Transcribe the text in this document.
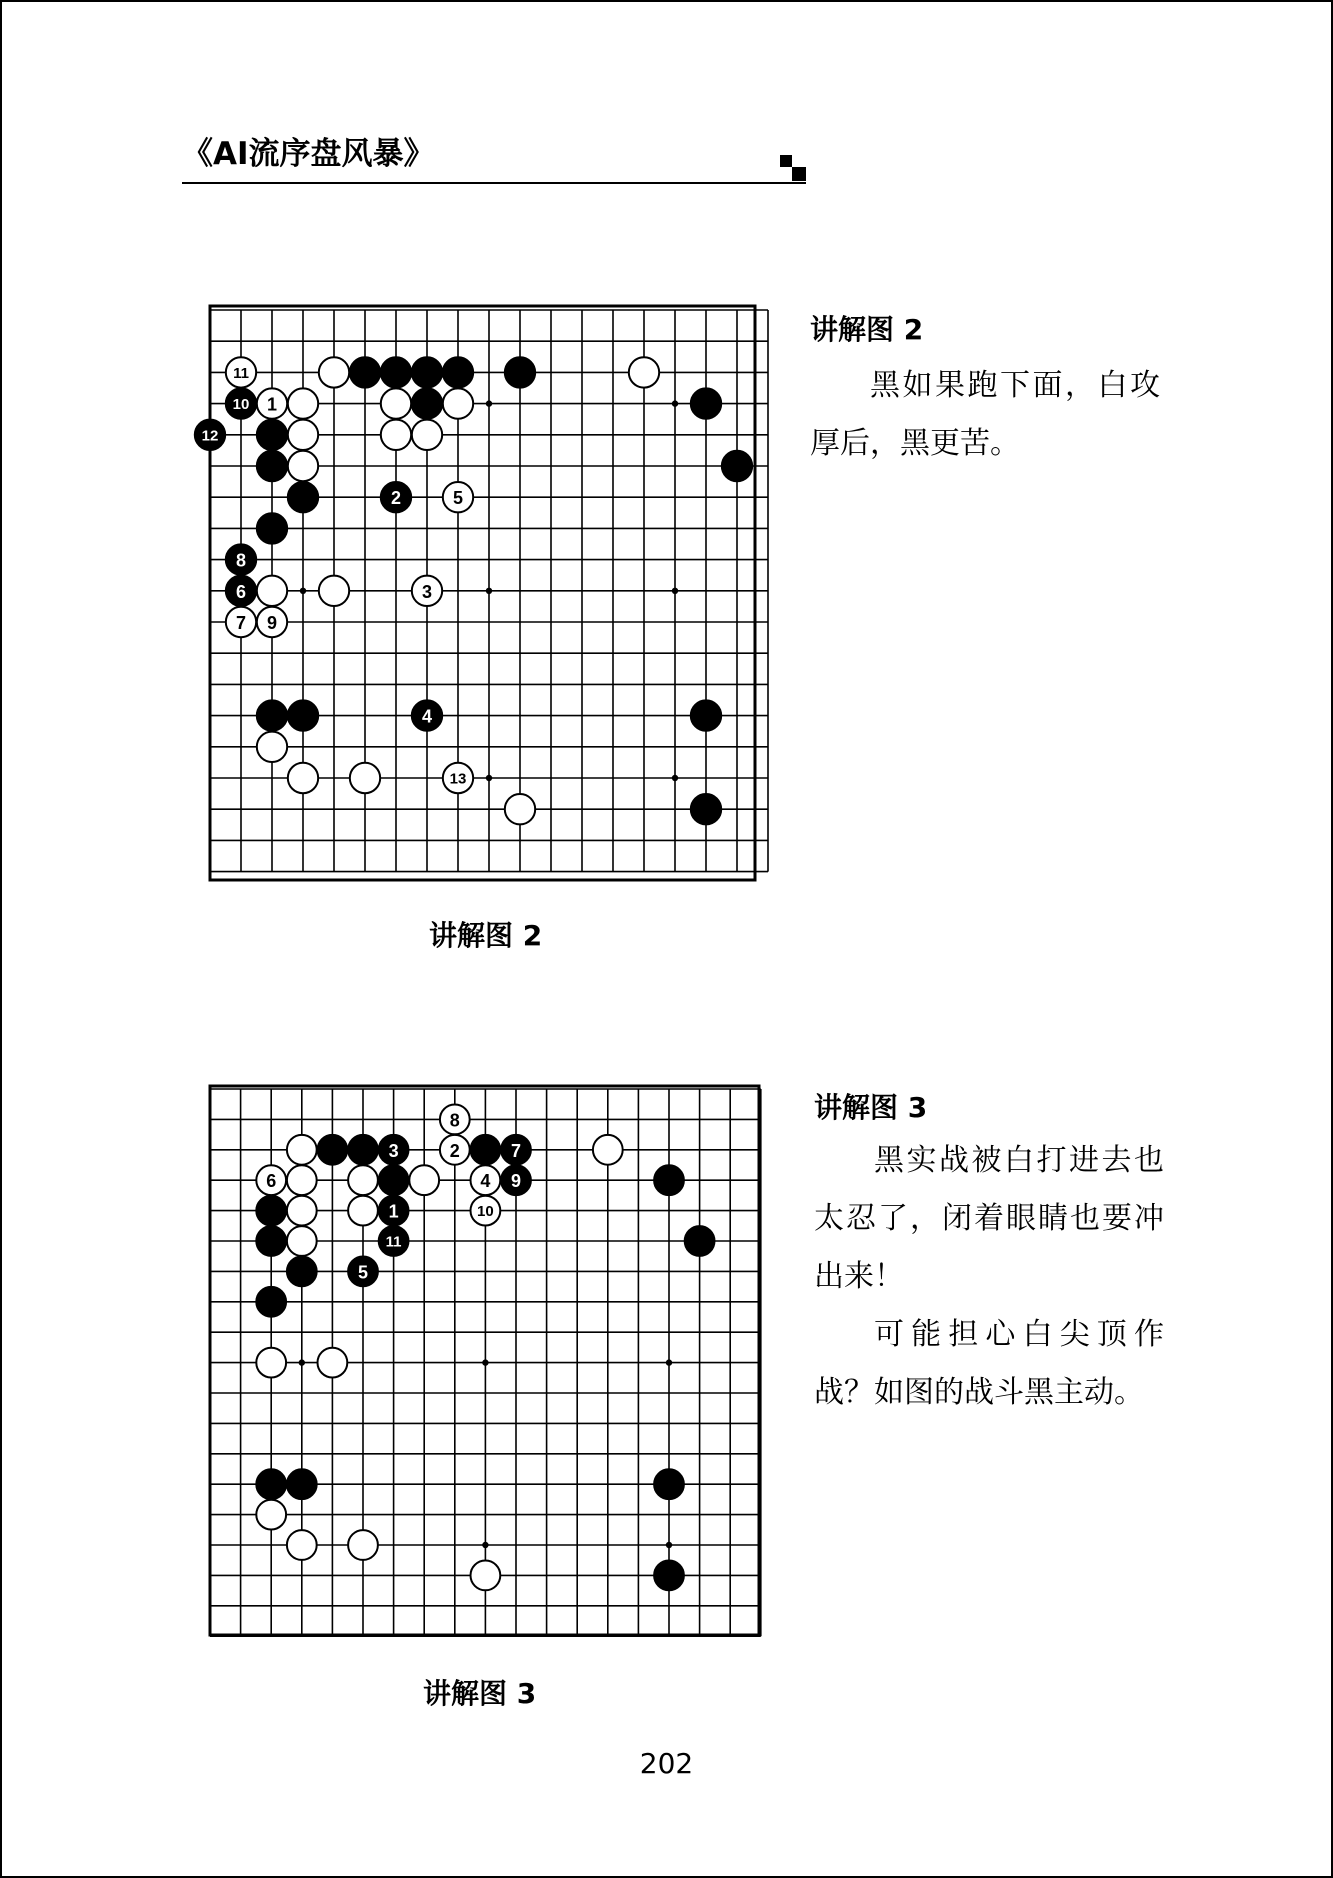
《AI流序盘风暴》
11
10 1
12
2	5
8
6	3
7 9
4
13
讲解图 2
讲解图 2

黑如果跑下面，白攻厚后，黑更苦。

8
3	2	7
6	4 9
1	10
11
5
讲解图 3
讲解图 3

黑实战被白打进去也太忍了，闭着眼睛也要冲出来！

可能担心白尖顶作战？如图的战斗黑主动。

202
